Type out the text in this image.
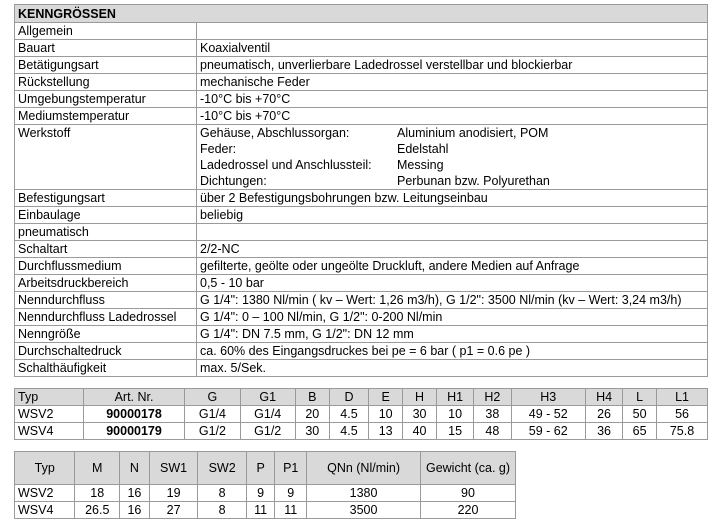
KENNGRÖSSEN
Allgemein	
Bauart	Koaxialventil
Betätigungsart	pneumatisch, unverlierbare Ladedrossel verstellbar und blockierbar
Rückstellung	mechanische Feder
Umgebungstemperatur	-10°C bis +70°C
Mediumstemperatur	-10°C bis +70°C
Werkstoff		Gehäuse, Abschlussorgan:	Aluminium anodisiert, POM
Feder:	Edelstahl
Ladedrossel und Anschlussteil:	Messing
Dichtungen:	Perbunan bzw. Polyurethan

Befestigungsart	über 2 Befestigungsbohrungen bzw. Leitungseinbau
Einbaulage	beliebig
pneumatisch	
Schaltart	2/2-NC
Durchflussmedium	gefilterte, geölte oder ungeölte Druckluft, andere Medien auf Anfrage
Arbeitsdruckbereich	0,5 - 10 bar
Nenndurchfluss	G 1/4": 1380 Nl/min ( kv – Wert: 1,26 m3/h), G 1/2": 3500 Nl/min (kv – Wert: 3,24 m3/h)
Nenndurchfluss Ladedrossel	G 1/4": 0 – 100 Nl/min, G 1/2": 0-200 Nl/min
Nenngröße	G 1/4": DN 7.5 mm, G 1/2": DN 12 mm
Durchschaltedruck	ca. 60% des Eingangsdruckes bei pe = 6 bar ( p1 = 0.6 pe )
Schalthäufigkeit	max. 5/Sek.
Typ	Art. Nr.	G	G1	B	D	E	H	H1	H2	H3	H4	L	L1
WSV2	90000178	G1/4	G1/4	20	4.5	10	30	10	38	49 - 52	26	50	56
WSV4	90000179	G1/2	G1/2	30	4.5	13	40	15	48	59 - 62	36	65	75.8
Typ	M	N	SW1	SW2	P	P1	QNn (Nl/min)	Gewicht (ca. g)
WSV2	18	16	19	8	9	9	1380	90
WSV4	26.5	16	27	8	11	11	3500	220
